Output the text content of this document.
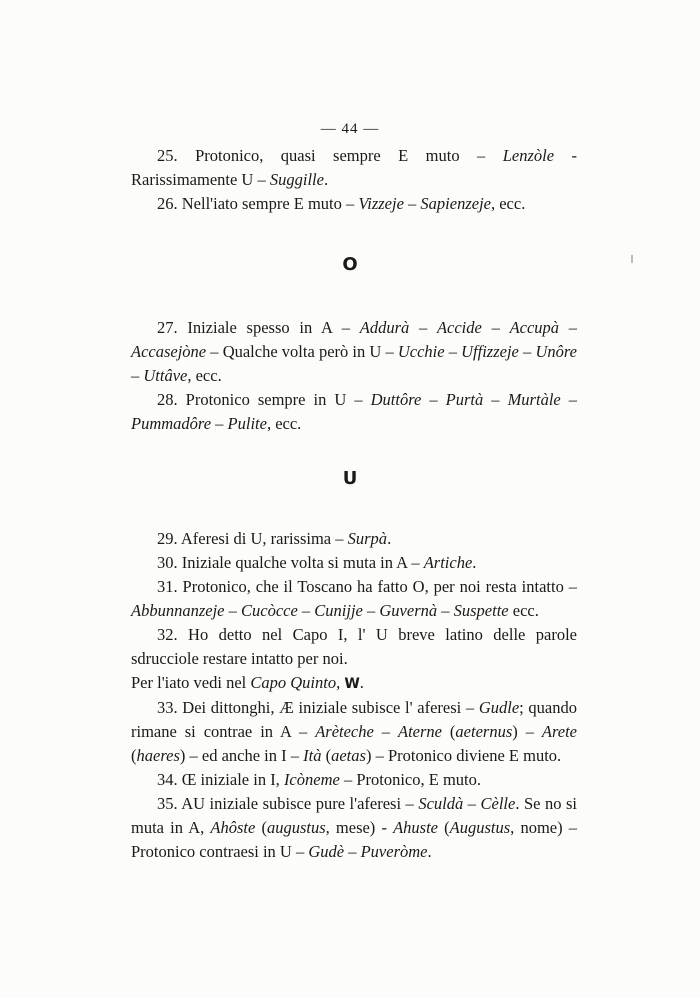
— 44 —

25. Protonico, quasi sempre E muto – Lenzòle - Rarissimamente U – Suggille.

26. Nell'iato sempre E muto – Vizzeje – Sapienzeje, ecc.

O

27. Iniziale spesso in A – Addurà – Accide – Accupà – Accasejòne – Qualche volta però in U – Ucchie – Uffizzeje – Unôre – Uttâve, ecc.

28. Protonico sempre in U – Duttôre – Purtà – Murtàle – Pummadôre – Pulite, ecc.

U

29. Aferesi di U, rarissima – Surpà.

30. Iniziale qualche volta si muta in A – Artiche.

31. Protonico, che il Toscano ha fatto O, per noi resta intatto – Abbunnanzeje – Cucòcce – Cunijje – Guvernà – Suspette ecc.

32. Ho detto nel Capo I, l' U breve latino delle parole sdrucciole restare intatto per noi.

Per l'iato vedi nel Capo Quinto, W.

33. Dei dittonghi, Æ iniziale subisce l' aferesi – Gudle; quando rimane si contrae in A – Arèteche – Aterne (aeternus) – Arete (haeres) – ed anche in I – Ità (aetas) – Protonico diviene E muto.

34. Œ iniziale in I, Icòneme – Protonico, E muto.

35. AU iniziale subisce pure l'aferesi – Sculdà – Cèlle. Se no si muta in A, Ahôste (augustus, mese) - Ahuste (Augustus, nome) – Protonico contraesi in U – Gudè – Puveròme.
